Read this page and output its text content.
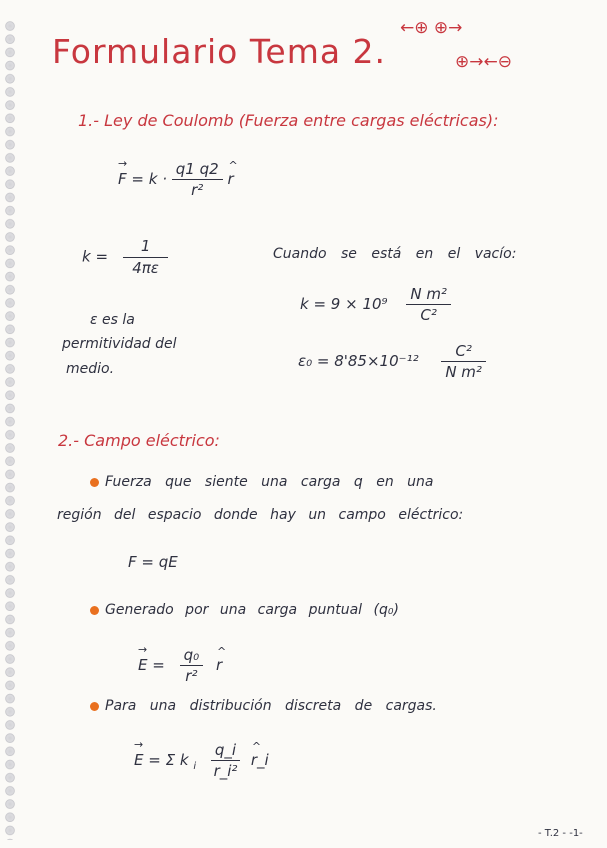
Formulario Tema 2.
←⊕ ⊕→
⊕→←⊖
1.- Ley de Coulomb (Fuerza entre cargas eléctricas):
→ $F = k \cdot \frac{q1 q2}{\text{r²}}$ ^ r
$k = \frac{1}{4\pi\varepsilon}$	Cuando se está en el vacío:
$k = 9 \times 10^9 \frac{\text{N m²}}{\text{C²}}$
ε es la
permitividad del
medio.	$\varepsilon_0 = 8'85\times 10^{-12} \frac{\text{C²}}{\text{N m²}}$
2.- Campo eléctrico:
Fuerza que siente una carga q en una
región del espacio donde hay un campo eléctrico:
F = qE
Generado por una carga puntual (q₀)
→ $E = \frac{\text{q₀}}{\text{r²}}$ ^ r
Para una distribución discreta de cargas.
→ E = Σ k $_i \frac{q\_i}{\text{r\_i²}}$ ^ r_i
- T.2 - -1-
